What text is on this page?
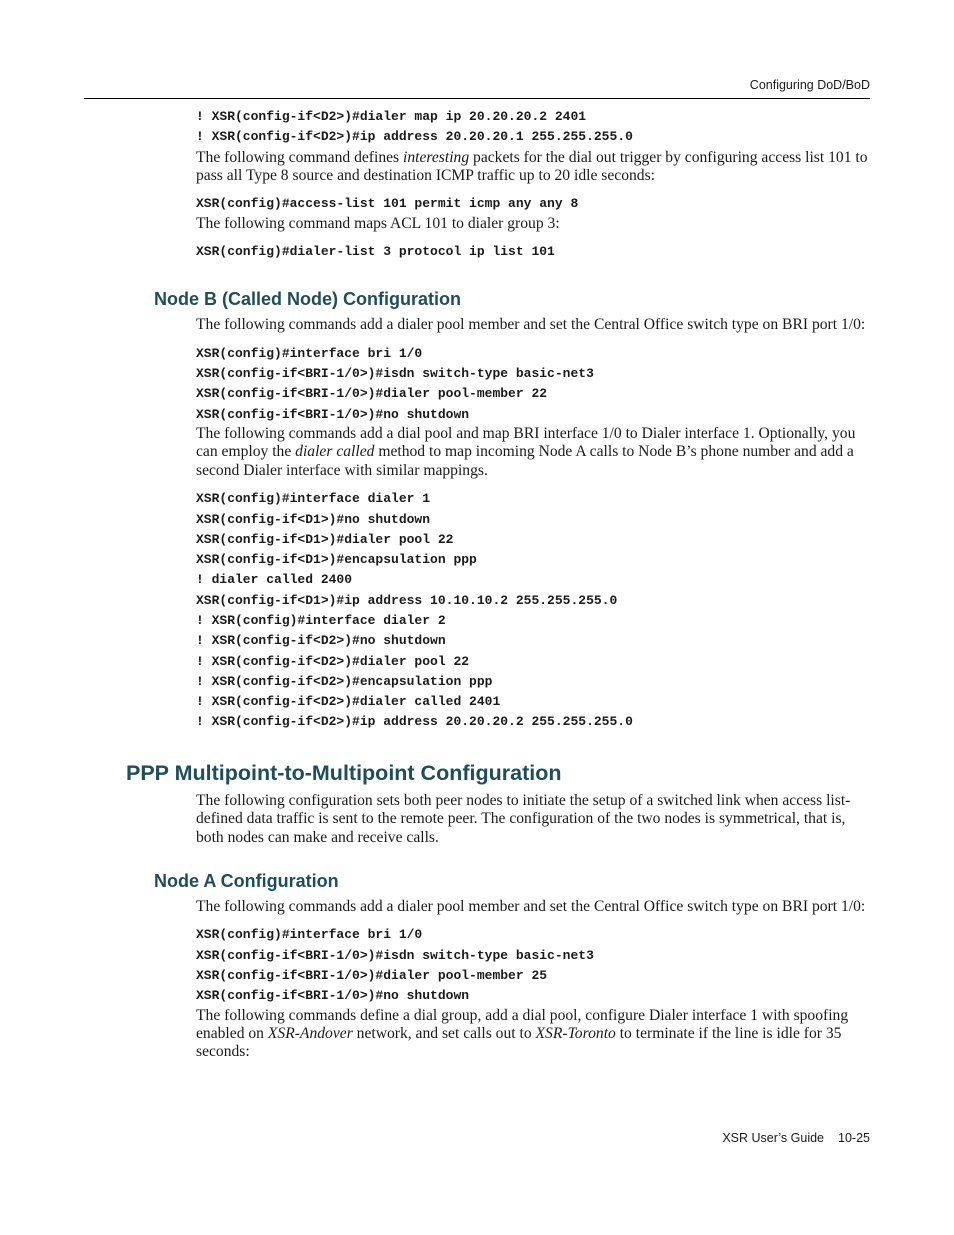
Configuring DoD/BoD
! XSR(config-if<D2>)#dialer map ip 20.20.20.2 2401
! XSR(config-if<D2>)#ip address 20.20.20.1 255.255.255.0

The following command defines interesting packets for the dial out trigger by configuring access list 101 to pass all Type 8 source and destination ICMP traffic up to 20 idle seconds:

XSR(config)#access-list 101 permit icmp any any 8

The following command maps ACL 101 to dialer group 3:

XSR(config)#dialer-list 3 protocol ip list 101
Node B (Called Node) Configuration

The following commands add a dialer pool member and set the Central Office switch type on BRI port 1/0:

XSR(config)#interface bri 1/0
XSR(config-if<BRI-1/0>)#isdn switch-type basic-net3
XSR(config-if<BRI-1/0>)#dialer pool-member 22
XSR(config-if<BRI-1/0>)#no shutdown

The following commands add a dial pool and map BRI interface 1/0 to Dialer interface 1. Optionally, you can employ the dialer called method to map incoming Node A calls to Node B’s phone number and add a second Dialer interface with similar mappings.

XSR(config)#interface dialer 1
XSR(config-if<D1>)#no shutdown
XSR(config-if<D1>)#dialer pool 22
XSR(config-if<D1>)#encapsulation ppp
! dialer called 2400
XSR(config-if<D1>)#ip address 10.10.10.2 255.255.255.0
! XSR(config)#interface dialer 2
! XSR(config-if<D2>)#no shutdown
! XSR(config-if<D2>)#dialer pool 22
! XSR(config-if<D2>)#encapsulation ppp
! XSR(config-if<D2>)#dialer called 2401
! XSR(config-if<D2>)#ip address 20.20.20.2 255.255.255.0
PPP Multipoint-to-Multipoint Configuration

The following configuration sets both peer nodes to initiate the setup of a switched link when access list-defined data traffic is sent to the remote peer. The configuration of the two nodes is symmetrical, that is, both nodes can make and receive calls.

Node A Configuration

The following commands add a dialer pool member and set the Central Office switch type on BRI port 1/0:

XSR(config)#interface bri 1/0
XSR(config-if<BRI-1/0>)#isdn switch-type basic-net3
XSR(config-if<BRI-1/0>)#dialer pool-member 25
XSR(config-if<BRI-1/0>)#no shutdown

The following commands define a dial group, add a dial pool, configure Dialer interface 1 with spoofing enabled on XSR-Andover network, and set calls out to XSR-Toronto to terminate if the line is idle for 35 seconds:

XSR User’s Guide 10-25
